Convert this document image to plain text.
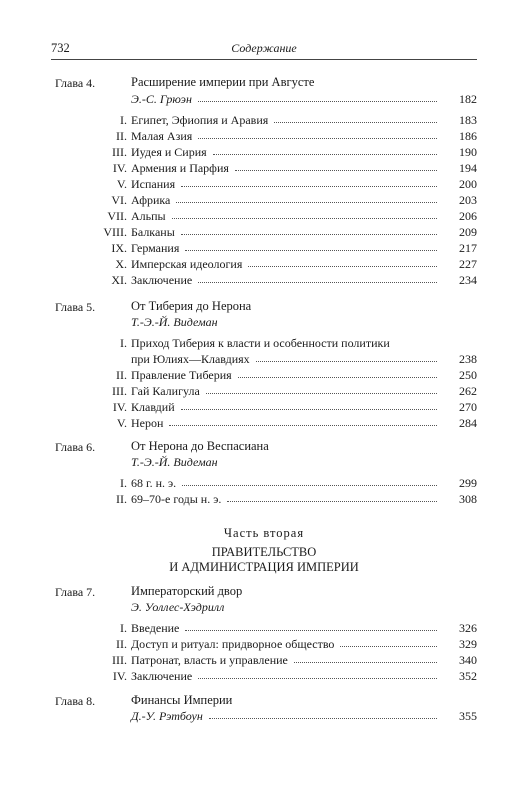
732	Содержание
Глава 4.	Расширение империи при Августе
Э.-С. Грюэн	182
I. Египет, Эфиопия и Аравия	183
II. Малая Азия	186
III. Иудея и Сирия	190
IV. Армения и Парфия	194
V. Испания	200
VI. Африка	203
VII. Альпы	206
VIII. Балканы	209
IX. Германия	217
X. Имперская идеология	227
XI. Заключение	234
Глава 5.	От Тиберия до Нерона
Т.-Э.-Й. Видеман
I. Приход Тиберия к власти и особенности политики
при Юлиях—Клавдиях	238
II. Правление Тиберия	250
III. Гай Калигула	262
IV. Клавдий	270
V. Нерон	284
Глава 6.	От Нерона до Веспасиана
Т.-Э.-Й. Видеман
I. 68 г. н. э.	299
II. 69–70-е годы н. э.	308
Часть вторая
ПРАВИТЕЛЬСТВО
И АДМИНИСТРАЦИЯ ИМПЕРИИ
Глава 7.	Императорский двор
Э. Уоллес-Хэдрилл
I. Введение	326
II. Доступ и ритуал: придворное общество	329
III. Патронат, власть и управление	340
IV. Заключение	352
Глава 8.	Финансы Империи
Д.-У. Рэтбоун	355
